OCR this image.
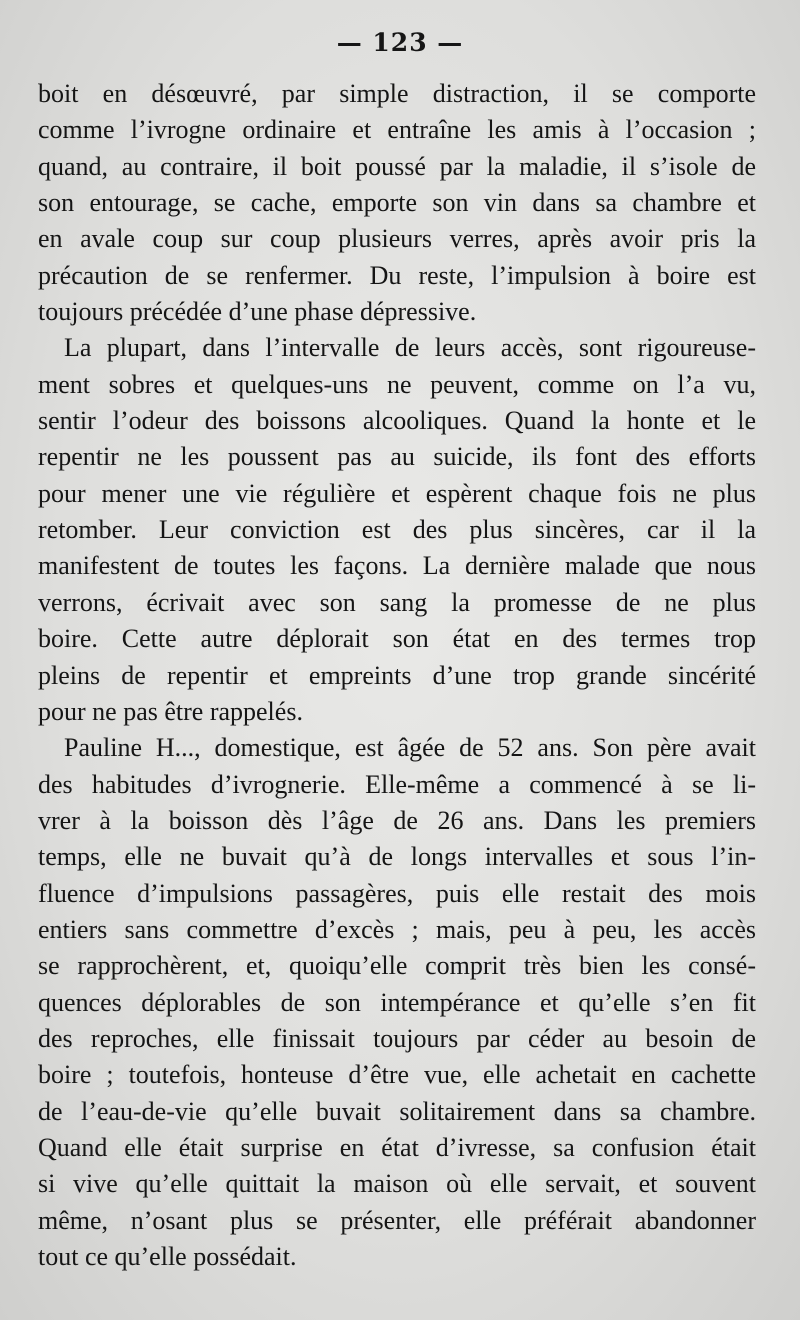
— 123 —
boit en désœuvré, par simple distraction, il se comporte
comme l’ivrogne ordinaire et entraîne les amis à l’occasion ;
quand, au contraire, il boit poussé par la maladie, il s’isole de
son entourage, se cache, emporte son vin dans sa chambre et
en avale coup sur coup plusieurs verres, après avoir pris la
précaution de se renfermer. Du reste, l’impulsion à boire est
toujours précédée d’une phase dépressive.
La plupart, dans l’intervalle de leurs accès, sont rigoureuse-
ment sobres et quelques-uns ne peuvent, comme on l’a vu,
sentir l’odeur des boissons alcooliques. Quand la honte et le
repentir ne les poussent pas au suicide, ils font des efforts
pour mener une vie régulière et espèrent chaque fois ne plus
retomber. Leur conviction est des plus sincères, car il la
manifestent de toutes les façons. La dernière malade que nous
verrons, écrivait avec son sang la promesse de ne plus
boire. Cette autre déplorait son état en des termes trop
pleins de repentir et empreints d’une trop grande sincérité
pour ne pas être rappelés.
Pauline H..., domestique, est âgée de 52 ans. Son père avait
des habitudes d’ivrognerie. Elle-même a commencé à se li-
vrer à la boisson dès l’âge de 26 ans. Dans les premiers
temps, elle ne buvait qu’à de longs intervalles et sous l’in-
fluence d’impulsions passagères, puis elle restait des mois
entiers sans commettre d’excès ; mais, peu à peu, les accès
se rapprochèrent, et, quoiqu’elle comprit très bien les consé-
quences déplorables de son intempérance et qu’elle s’en fit
des reproches, elle finissait toujours par céder au besoin de
boire ; toutefois, honteuse d’être vue, elle achetait en cachette
de l’eau-de-vie qu’elle buvait solitairement dans sa chambre.
Quand elle était surprise en état d’ivresse, sa confusion était
si vive qu’elle quittait la maison où elle servait, et souvent
même, n’osant plus se présenter, elle préférait abandonner
tout ce qu’elle possédait.
